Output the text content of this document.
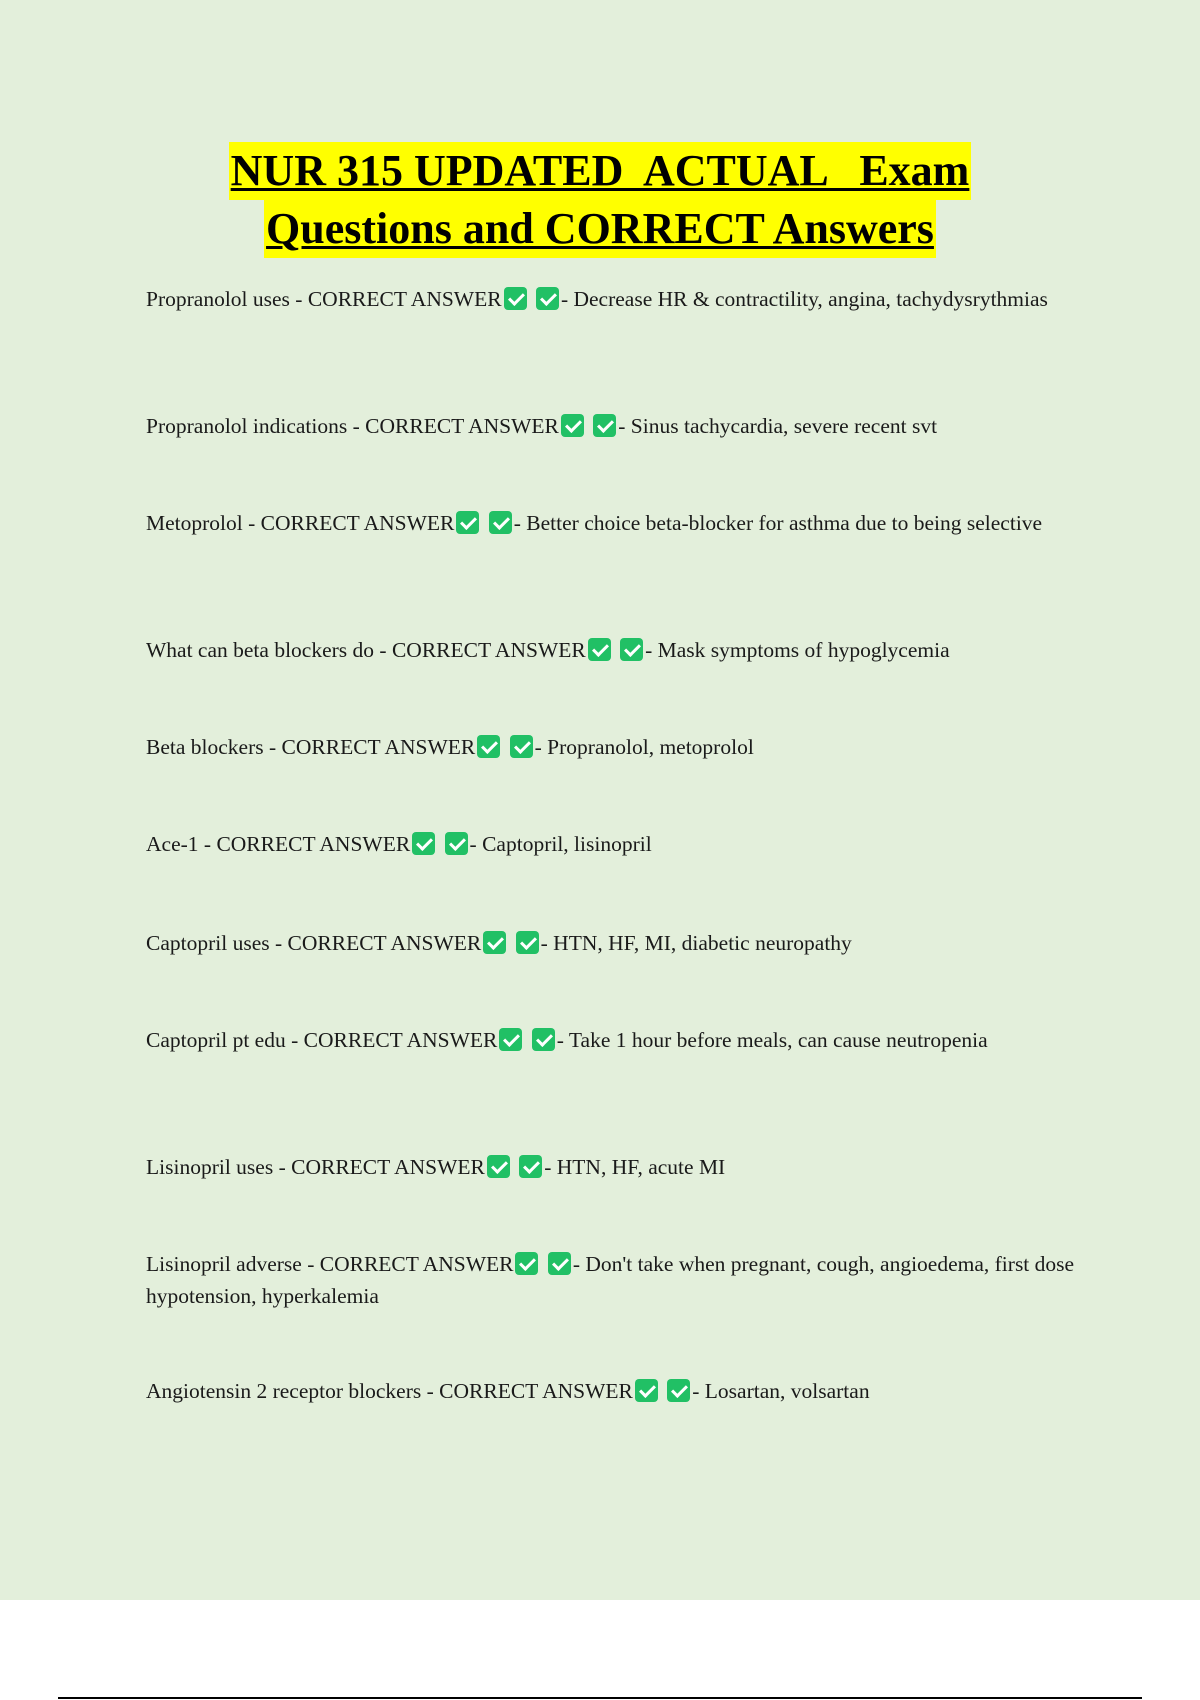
NUR 315 UPDATED  ACTUAL   Exam
Questions and CORRECT Answers
Propranolol uses - CORRECT ANSWER	- Decrease HR & contractility, angina, tachydysrythmias
Propranolol indications - CORRECT ANSWER	- Sinus tachycardia, severe recent svt
Metoprolol - CORRECT ANSWER	- Better choice beta-blocker for asthma due to being selective
What can beta blockers do - CORRECT ANSWER	- Mask symptoms of hypoglycemia
Beta blockers - CORRECT ANSWER	- Propranolol, metoprolol
Ace-1 - CORRECT ANSWER	- Captopril, lisinopril
Captopril uses - CORRECT ANSWER	- HTN, HF, MI, diabetic neuropathy
Captopril pt edu - CORRECT ANSWER	- Take 1 hour before meals, can cause neutropenia
Lisinopril uses - CORRECT ANSWER	- HTN, HF, acute MI
Lisinopril adverse - CORRECT ANSWER	- Don't take when pregnant, cough, angioedema, first dose hypotension, hyperkalemia
Angiotensin 2 receptor blockers - CORRECT ANSWER	- Losartan, volsartan
